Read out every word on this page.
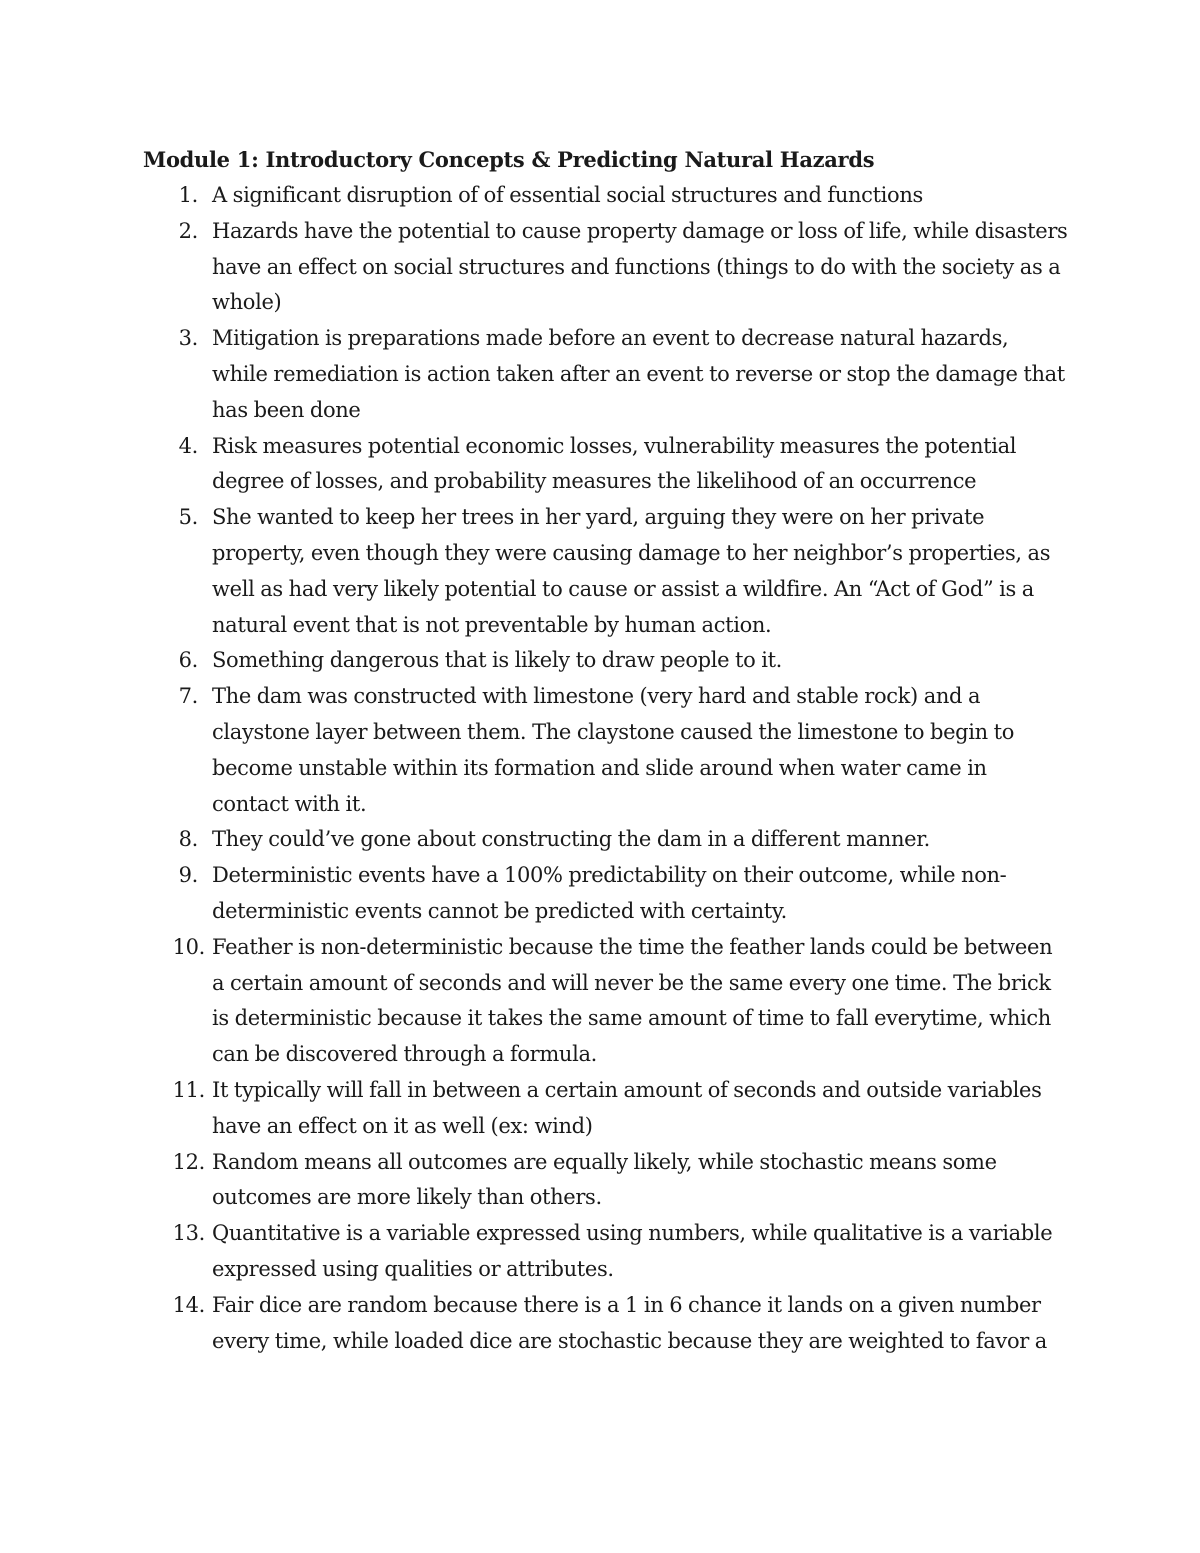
Module 1: Introductory Concepts & Predicting Natural Hazards
1. A significant disruption of of essential social structures and functions
2. Hazards have the potential to cause property damage or loss of life, while disasters have an effect on social structures and functions (things to do with the society as a whole)
3. Mitigation is preparations made before an event to decrease natural hazards, while remediation is action taken after an event to reverse or stop the damage that has been done
4. Risk measures potential economic losses, vulnerability measures the potential degree of losses, and probability measures the likelihood of an occurrence
5. She wanted to keep her trees in her yard, arguing they were on her private property, even though they were causing damage to her neighbor’s properties, as well as had very likely potential to cause or assist a wildfire. An “Act of God” is a natural event that is not preventable by human action.
6. Something dangerous that is likely to draw people to it.
7. The dam was constructed with limestone (very hard and stable rock) and a claystone layer between them. The claystone caused the limestone to begin to become unstable within its formation and slide around when water came in contact with it.
8. They could’ve gone about constructing the dam in a different manner.
9. Deterministic events have a 100% predictability on their outcome, while non-deterministic events cannot be predicted with certainty.
10. Feather is non-deterministic because the time the feather lands could be between a certain amount of seconds and will never be the same every one time. The brick is deterministic because it takes the same amount of time to fall everytime, which can be discovered through a formula.
11. It typically will fall in between a certain amount of seconds and outside variables have an effect on it as well (ex: wind)
12. Random means all outcomes are equally likely, while stochastic means some outcomes are more likely than others.
13. Quantitative is a variable expressed using numbers, while qualitative is a variable expressed using qualities or attributes.
14. Fair dice are random because there is a 1 in 6 chance it lands on a given number every time, while loaded dice are stochastic because they are weighted to favor a
